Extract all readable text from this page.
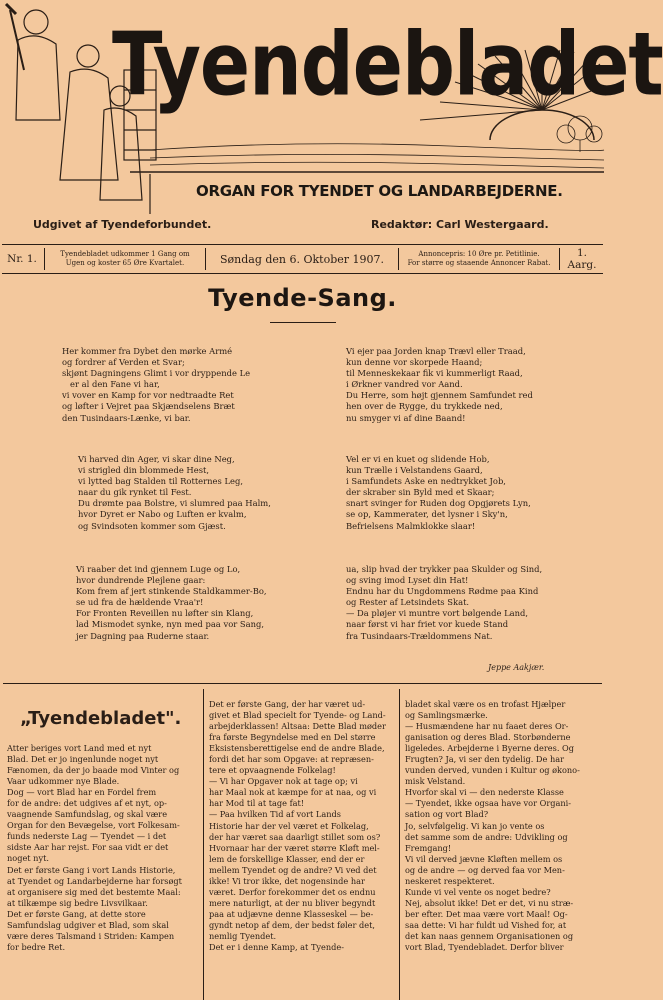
Tyendebladet
ORGAN FOR TYENDET OG LANDARBEJDERNE.
Udgivet af Tyendeforbundet.	Redaktør: Carl Westergaard.
Nr. 1.	Tyendebladet udkommer 1 Gang om
Ugen og koster 65 Øre Kvartalet.	Søndag den 6. Oktober 1907.	Annoncepris: 10 Øre pr. Petitlinie.
For større og staaende Annoncer Rabat.
1. Aarg.
Tyende-Sang.
Her kommer fra Dybet den mørke Armé
og fordrer af Verden et Svar;
skjønt Dagningens Glimt i vor dryppende Le
er al den Fane vi har,
vi vover en Kamp for vor nedtraadte Ret
og løfter i Vejret paa Skjændselens Bræt
den Tusindaars-Lænke, vi bar.
Vi harved din Ager, vi skar dine Neg,
vi strigled din blommede Hest,
vi lytted bag Stalden til Rotternes Leg,
naar du gik rynket til Fest.
Du drømte paa Bolstre, vi slumred paa Halm,
hvor Dyret er Nabo og Luften er kvalm,
og Svindsoten kommer som Gjæst.
Vi raaber det ind gjennem Luge og Lo,
hvor dundrende Plejlene gaar:
Kom frem af jert stinkende Staldkammer-Bo,
se ud fra de hældende Vraa'r!
For Fronten Reveillen nu løfter sin Klang,
lad Mismodet synke, nyn med paa vor Sang,
jer Dagning paa Ruderne staar.
Vi ejer paa Jorden knap Trævl eller Traad,
kun denne vor skorpede Haand;
til Menneskekaar fik vi kummerligt Raad,
i Ørkner vandred vor Aand.
Du Herre, som højt gjennem Samfundet red
hen over de Rygge, du trykkede ned,
nu smyger vi af dine Baand!
Vel er vi en kuet og slidende Hob,
kun Trælle i Velstandens Gaard,
i Samfundets Aske en nedtrykket Job,
der skraber sin Byld med et Skaar;
snart svinger for Ruden dog Opgjørets Lyn,
se op, Kammerater, det lysner i Sky'n,
Befrielsens Malmklokke slaar!
ua, slip hvad der trykker paa Skulder og Sind,
og sving imod Lyset din Hat!
Endnu har du Ungdommens Rødme paa Kind
og Rester af Letsindets Skat.
— Da pløjer vi muntre vort bølgende Land,
naar først vi har friet vor kuede Stand
fra Tusindaars-Trældommens Nat.
Jeppe Aakjær.
„Tyendebladet".
Atter beriges vort Land med et nyt
Blad. Det er jo ingenlunde noget nyt
Fænomen, da der jo baade mod Vinter og
Vaar udkommer nye Blade.
Dog — vort Blad har en Fordel frem
for de andre: det udgives af et nyt, op-
vaagnende Samfundslag, og skal være
Organ for den Bevægelse, vort Folkesam-
funds nederste Lag — Tyendet — i det
sidste Aar har rejst. For saa vidt er det
noget nyt.
Det er første Gang i vort Lands Historie,
at Tyendet og Landarbejderne har forsøgt
at organisere sig med det bestemte Maal:
at tilkæmpe sig bedre Livsvilkaar.
Det er første Gang, at dette store
Samfundslag udgiver et Blad, som skal
være deres Talsmand i Striden: Kampen
for bedre Ret.
Det er første Gang, der har været ud-
givet et Blad specielt for Tyende- og Land-
arbejderklassen! Altsaa: Dette Blad møder
fra første Begyndelse med en Del større
Eksistensberettigelse end de andre Blade,
fordi det har som Opgave: at repræsen-
tere et opvaagnende Folkelag!
— Vi har Opgaver nok at tage op; vi
har Maal nok at kæmpe for at naa, og vi
har Mod til at tage fat!
— Paa hvilken Tid af vort Lands
Historie har der vel været et Folkelag,
der har været saa daarligt stillet som os?
Hvornaar har der været større Kløft mel-
lem de forskellige Klasser, end der er
mellem Tyendet og de andre? Vi ved det
ikke! Vi tror ikke, det nogensinde har
været. Derfor forekommer det os endnu
mere naturligt, at der nu bliver begyndt
paa at udjævne denne Klasseskel — be-
gyndt netop af dem, der bedst føler det,
nemlig Tyendet.
Det er i denne Kamp, at Tyende-
bladet skal være os en trofast Hjælper
og Samlingsmærke.
— Husmændene har nu faaet deres Or-
ganisation og deres Blad. Storbønderne
ligeledes. Arbejderne i Byerne deres. Og
Frugten? Ja, vi ser den tydelig. De har
vunden derved, vunden i Kultur og økono-
misk Velstand.
Hvorfor skal vi — den nederste Klasse
— Tyendet, ikke ogsaa have vor Organi-
sation og vort Blad?
Jo, selvfølgelig. Vi kan jo vente os
det samme som de andre: Udvikling og
Fremgang!
Vi vil derved jævne Kløften mellem os
og de andre — og derved faa vor Men-
neskeret respekteret.
Kunde vi vel vente os noget bedre?
Nej, absolut ikke! Det er det, vi nu stræ-
ber efter. Det maa være vort Maal! Og-
saa dette: Vi har fuldt ud Vished for, at
det kan naas gennem Organisationen og
vort Blad, Tyendebladet. Derfor bliver
